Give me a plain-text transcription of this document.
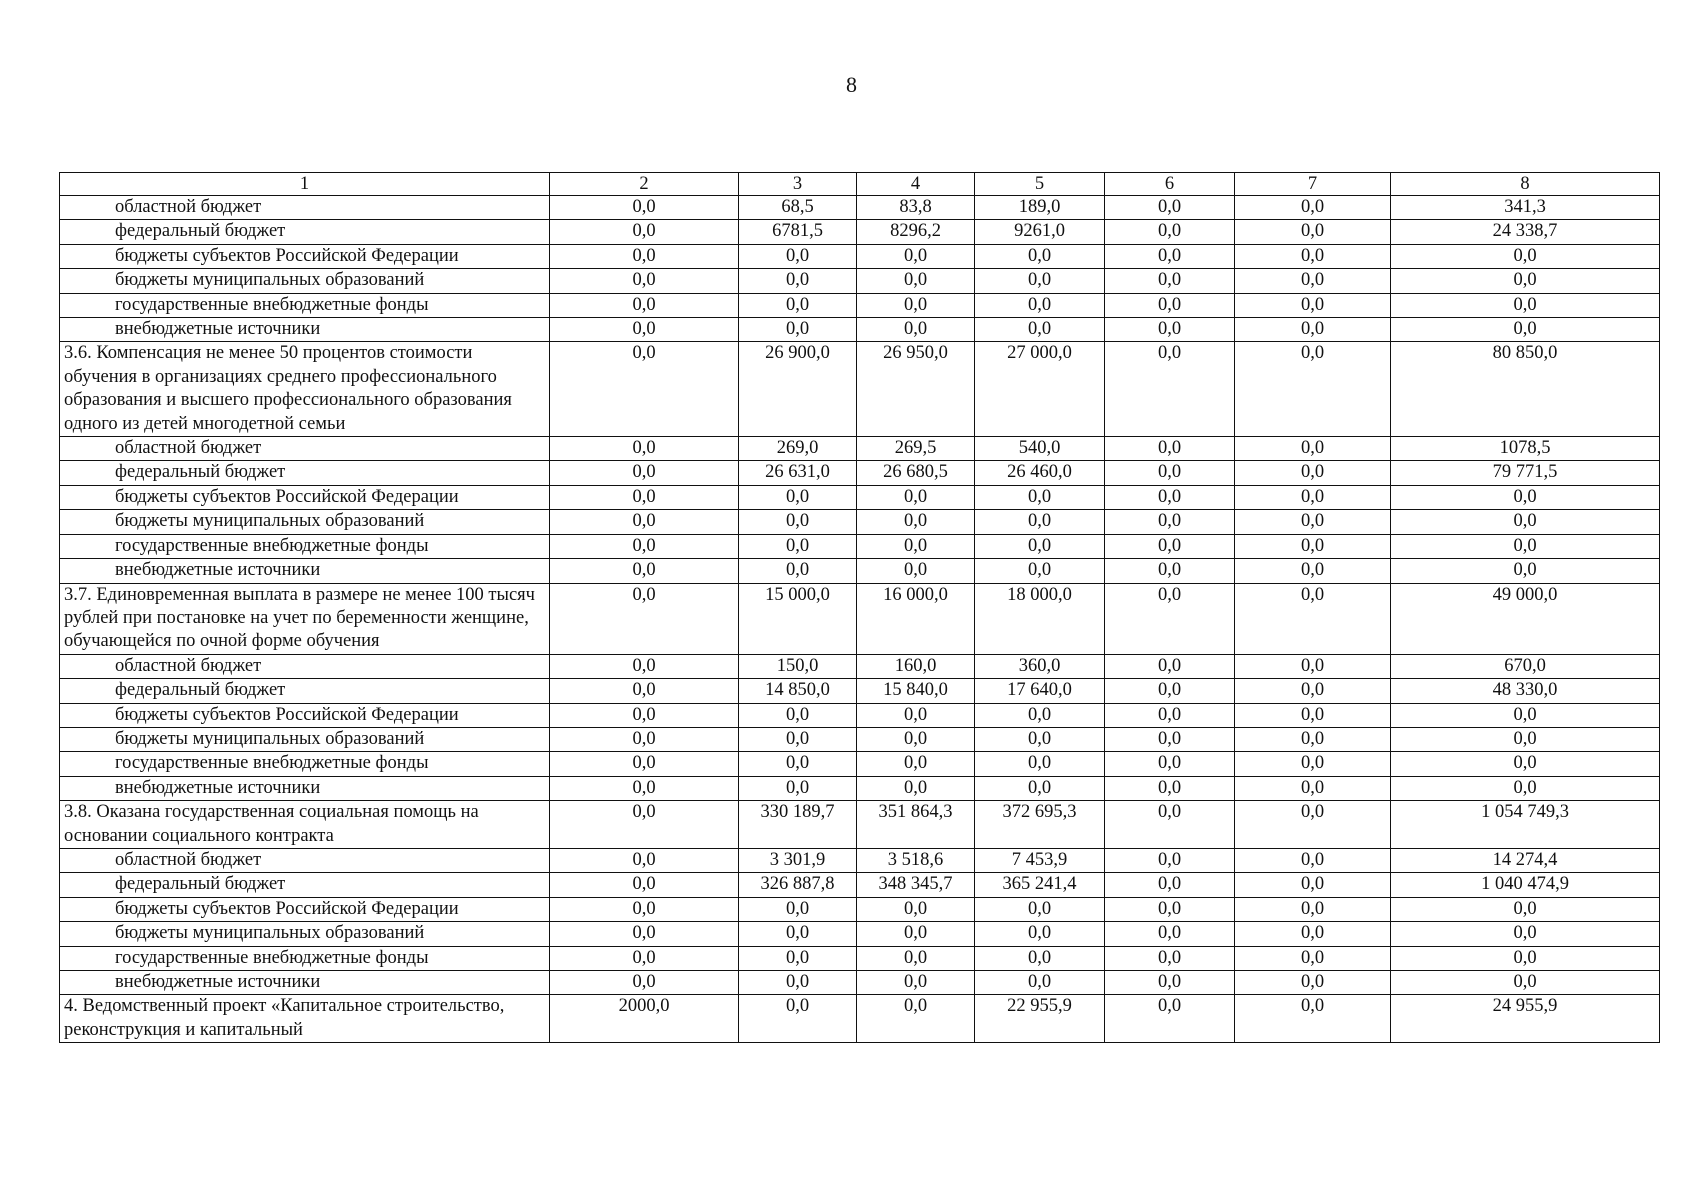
8
1	2	3	4	5	6	7	8
областной бюджет	0,0	68,5	83,8	189,0	0,0	0,0	341,3
федеральный бюджет	0,0	6781,5	8296,2	9261,0	0,0	0,0	24 338,7
бюджеты субъектов Российской Федерации	0,0	0,0	0,0	0,0	0,0	0,0	0,0
бюджеты муниципальных образований	0,0	0,0	0,0	0,0	0,0	0,0	0,0
государственные внебюджетные фонды	0,0	0,0	0,0	0,0	0,0	0,0	0,0
внебюджетные источники	0,0	0,0	0,0	0,0	0,0	0,0	0,0
3.6. Компенсация не менее 50 процентов стоимости обучения в организациях среднего профессионального образования и высшего профессионального образования одного из детей многодетной семьи	0,0	26 900,0	26 950,0	27 000,0	0,0	0,0	80 850,0
областной бюджет	0,0	269,0	269,5	540,0	0,0	0,0	1078,5
федеральный бюджет	0,0	26 631,0	26 680,5	26 460,0	0,0	0,0	79 771,5
бюджеты субъектов Российской Федерации	0,0	0,0	0,0	0,0	0,0	0,0	0,0
бюджеты муниципальных образований	0,0	0,0	0,0	0,0	0,0	0,0	0,0
государственные внебюджетные фонды	0,0	0,0	0,0	0,0	0,0	0,0	0,0
внебюджетные источники	0,0	0,0	0,0	0,0	0,0	0,0	0,0
3.7. Единовременная выплата в размере не менее 100 тысяч рублей при постановке на учет по беременности женщине, обучающейся по очной форме обучения	0,0	15 000,0	16 000,0	18 000,0	0,0	0,0	49 000,0
областной бюджет	0,0	150,0	160,0	360,0	0,0	0,0	670,0
федеральный бюджет	0,0	14 850,0	15 840,0	17 640,0	0,0	0,0	48 330,0
бюджеты субъектов Российской Федерации	0,0	0,0	0,0	0,0	0,0	0,0	0,0
бюджеты муниципальных образований	0,0	0,0	0,0	0,0	0,0	0,0	0,0
государственные внебюджетные фонды	0,0	0,0	0,0	0,0	0,0	0,0	0,0
внебюджетные источники	0,0	0,0	0,0	0,0	0,0	0,0	0,0
3.8. Оказана государственная социальная помощь на основании социального контракта	0,0	330 189,7	351 864,3	372 695,3	0,0	0,0	1 054 749,3
областной бюджет	0,0	3 301,9	3 518,6	7 453,9	0,0	0,0	14 274,4
федеральный бюджет	0,0	326 887,8	348 345,7	365 241,4	0,0	0,0	1 040 474,9
бюджеты субъектов Российской Федерации	0,0	0,0	0,0	0,0	0,0	0,0	0,0
бюджеты муниципальных образований	0,0	0,0	0,0	0,0	0,0	0,0	0,0
государственные внебюджетные фонды	0,0	0,0	0,0	0,0	0,0	0,0	0,0
внебюджетные источники	0,0	0,0	0,0	0,0	0,0	0,0	0,0
4. Ведомственный проект «Капитальное строительство, реконструкция и капитальный	2000,0	0,0	0,0	22 955,9	0,0	0,0	24 955,9
